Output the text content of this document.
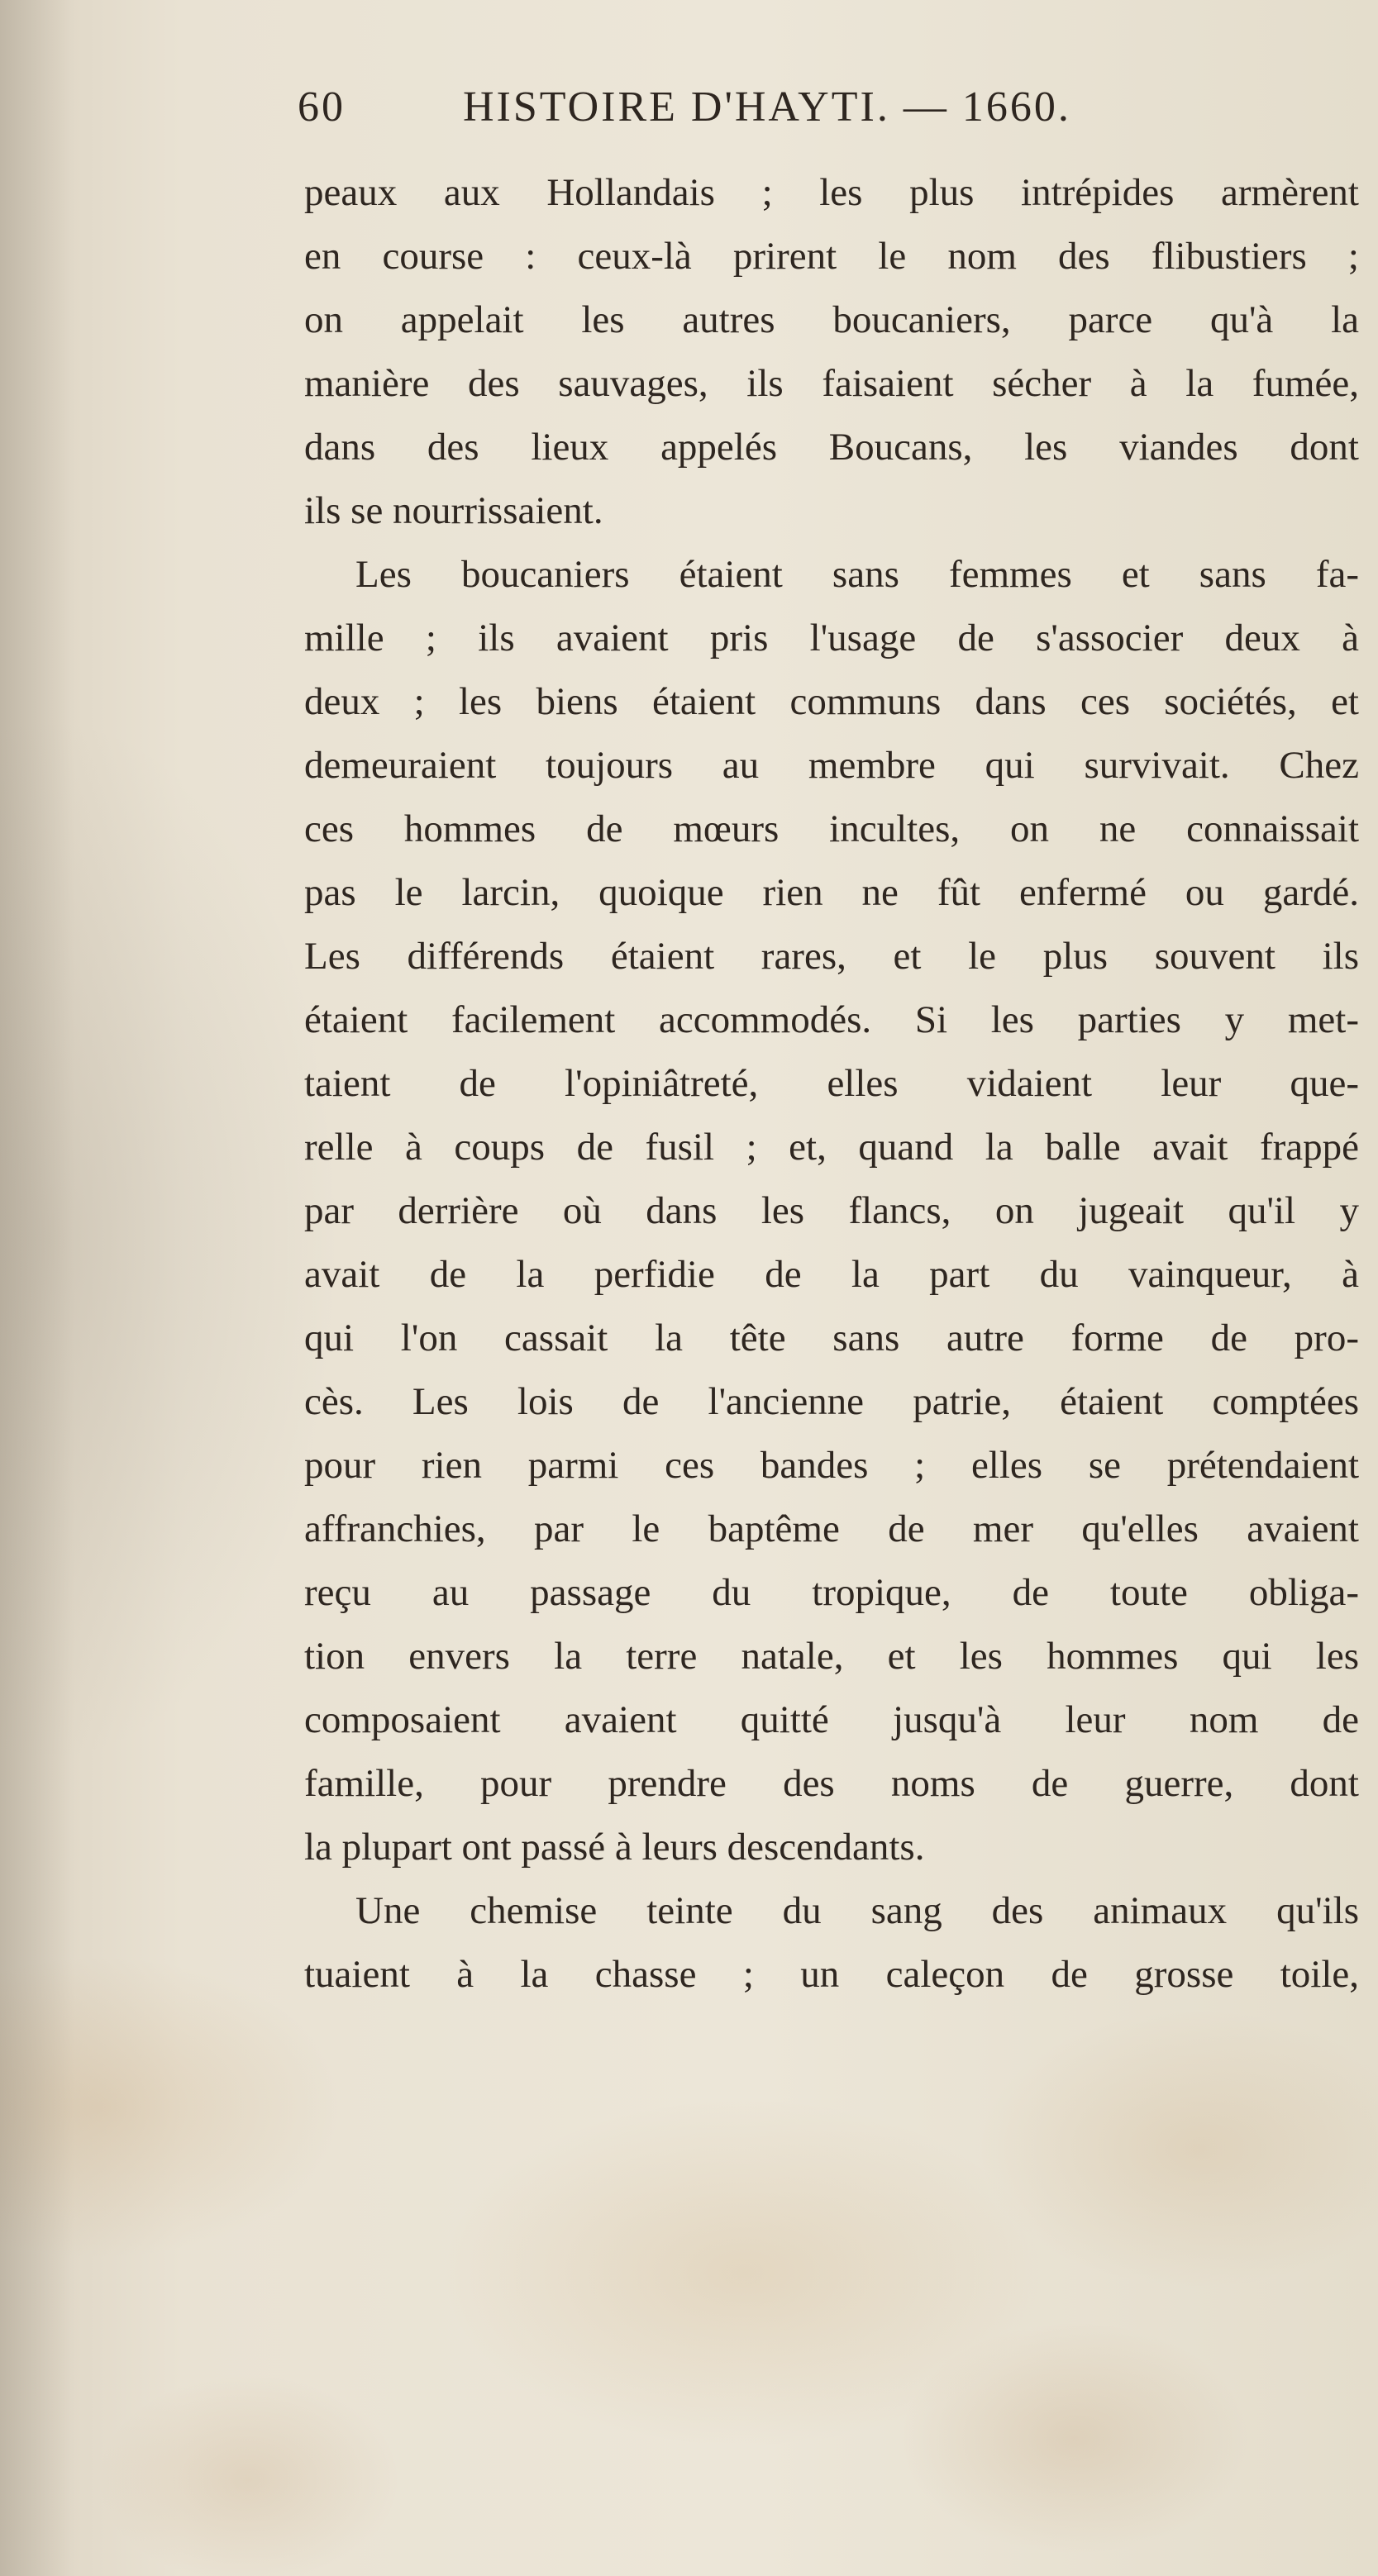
60	HISTOIRE D'HAYTI. — 1660.
peaux aux Hollandais ; les plus intrépides armèrent
en course : ceux-là prirent le nom des flibustiers ;
on appelait les autres boucaniers, parce qu'à la
manière des sauvages, ils faisaient sécher à la fumée,
dans des lieux appelés Boucans, les viandes dont
ils se nourrissaient.
Les boucaniers étaient sans femmes et sans fa-
mille ; ils avaient pris l'usage de s'associer deux à
deux ; les biens étaient communs dans ces sociétés, et
demeuraient toujours au membre qui survivait. Chez
ces hommes de mœurs incultes, on ne connaissait
pas le larcin, quoique rien ne fût enfermé ou gardé.
Les différends étaient rares, et le plus souvent ils
étaient facilement accommodés. Si les parties y met-
taient de l'opiniâtreté, elles vidaient leur que-
relle à coups de fusil ; et, quand la balle avait frappé
par derrière où dans les flancs, on jugeait qu'il y
avait de la perfidie de la part du vainqueur, à
qui l'on cassait la tête sans autre forme de pro-
cès. Les lois de l'ancienne patrie, étaient comptées
pour rien parmi ces bandes ; elles se prétendaient
affranchies, par le baptême de mer qu'elles avaient
reçu au passage du tropique, de toute obliga-
tion envers la terre natale, et les hommes qui les
composaient avaient quitté jusqu'à leur nom de
famille, pour prendre des noms de guerre, dont
la plupart ont passé à leurs descendants.
Une chemise teinte du sang des animaux qu'ils
tuaient à la chasse ; un caleçon de grosse toile,
